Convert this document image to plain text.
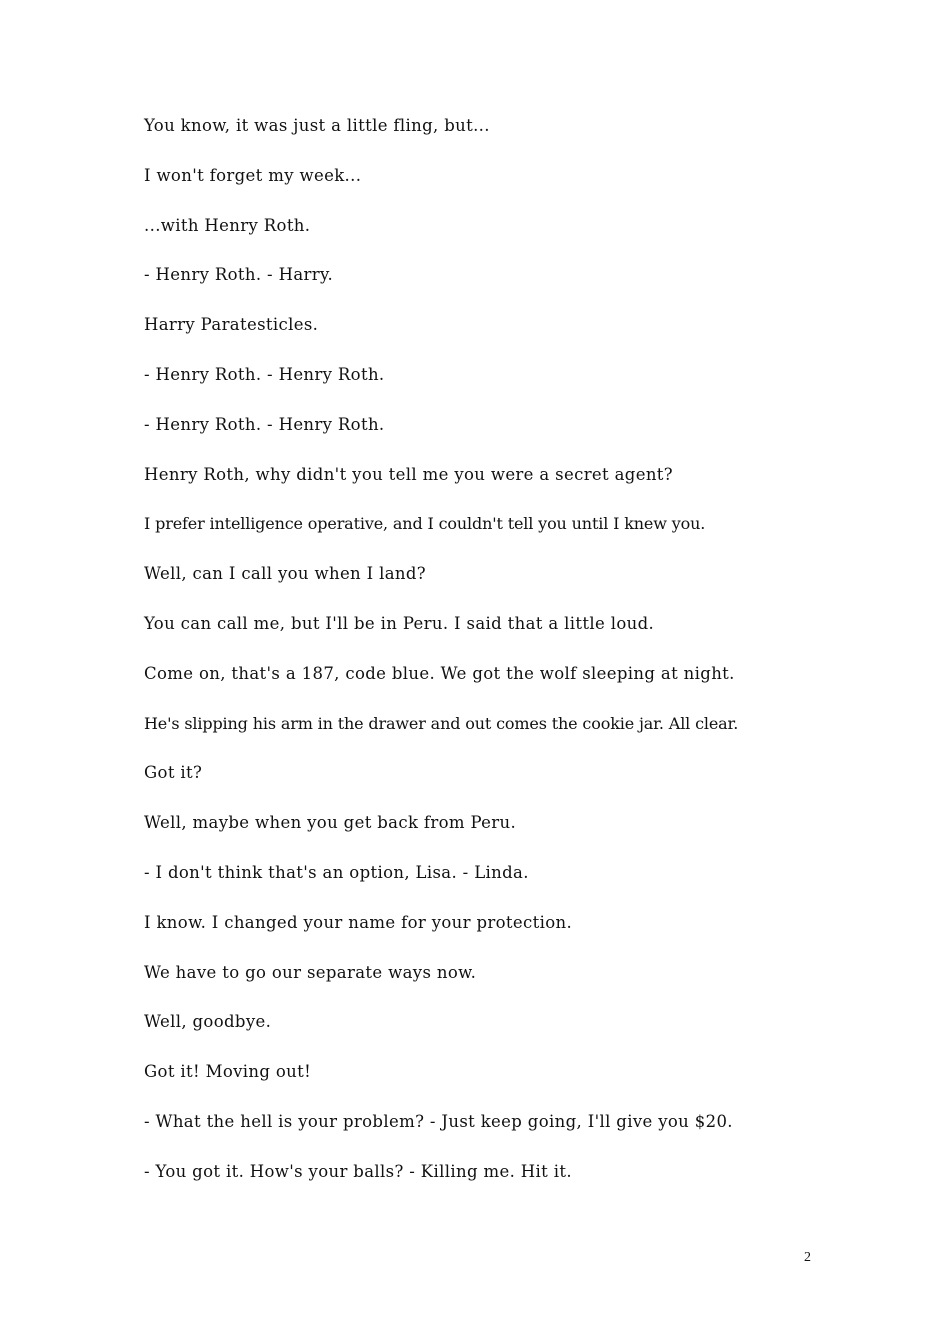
You know, it was just a little fling, but...
I won't forget my week...
...with Henry Roth.
- Henry Roth. - Harry.
Harry Paratesticles.
- Henry Roth. - Henry Roth.
- Henry Roth. - Henry Roth.
Henry Roth, why didn't you tell me you were a secret agent?
I prefer intelligence operative, and I couldn't tell you until I knew you.
Well, can I call you when I land?
You can call me, but I'll be in Peru. I said that a little loud.
Come on, that's a 187, code blue. We got the wolf sleeping at night.
He's slipping his arm in the drawer and out comes the cookie jar. All clear.
Got it?
Well, maybe when you get back from Peru.
- I don't think that's an option, Lisa. - Linda.
I know. I changed your name for your protection.
We have to go our separate ways now.
Well, goodbye.
Got it! Moving out!
- What the hell is your problem? - Just keep going, I'll give you $20.
- You got it. How's your balls? - Killing me. Hit it.
2
